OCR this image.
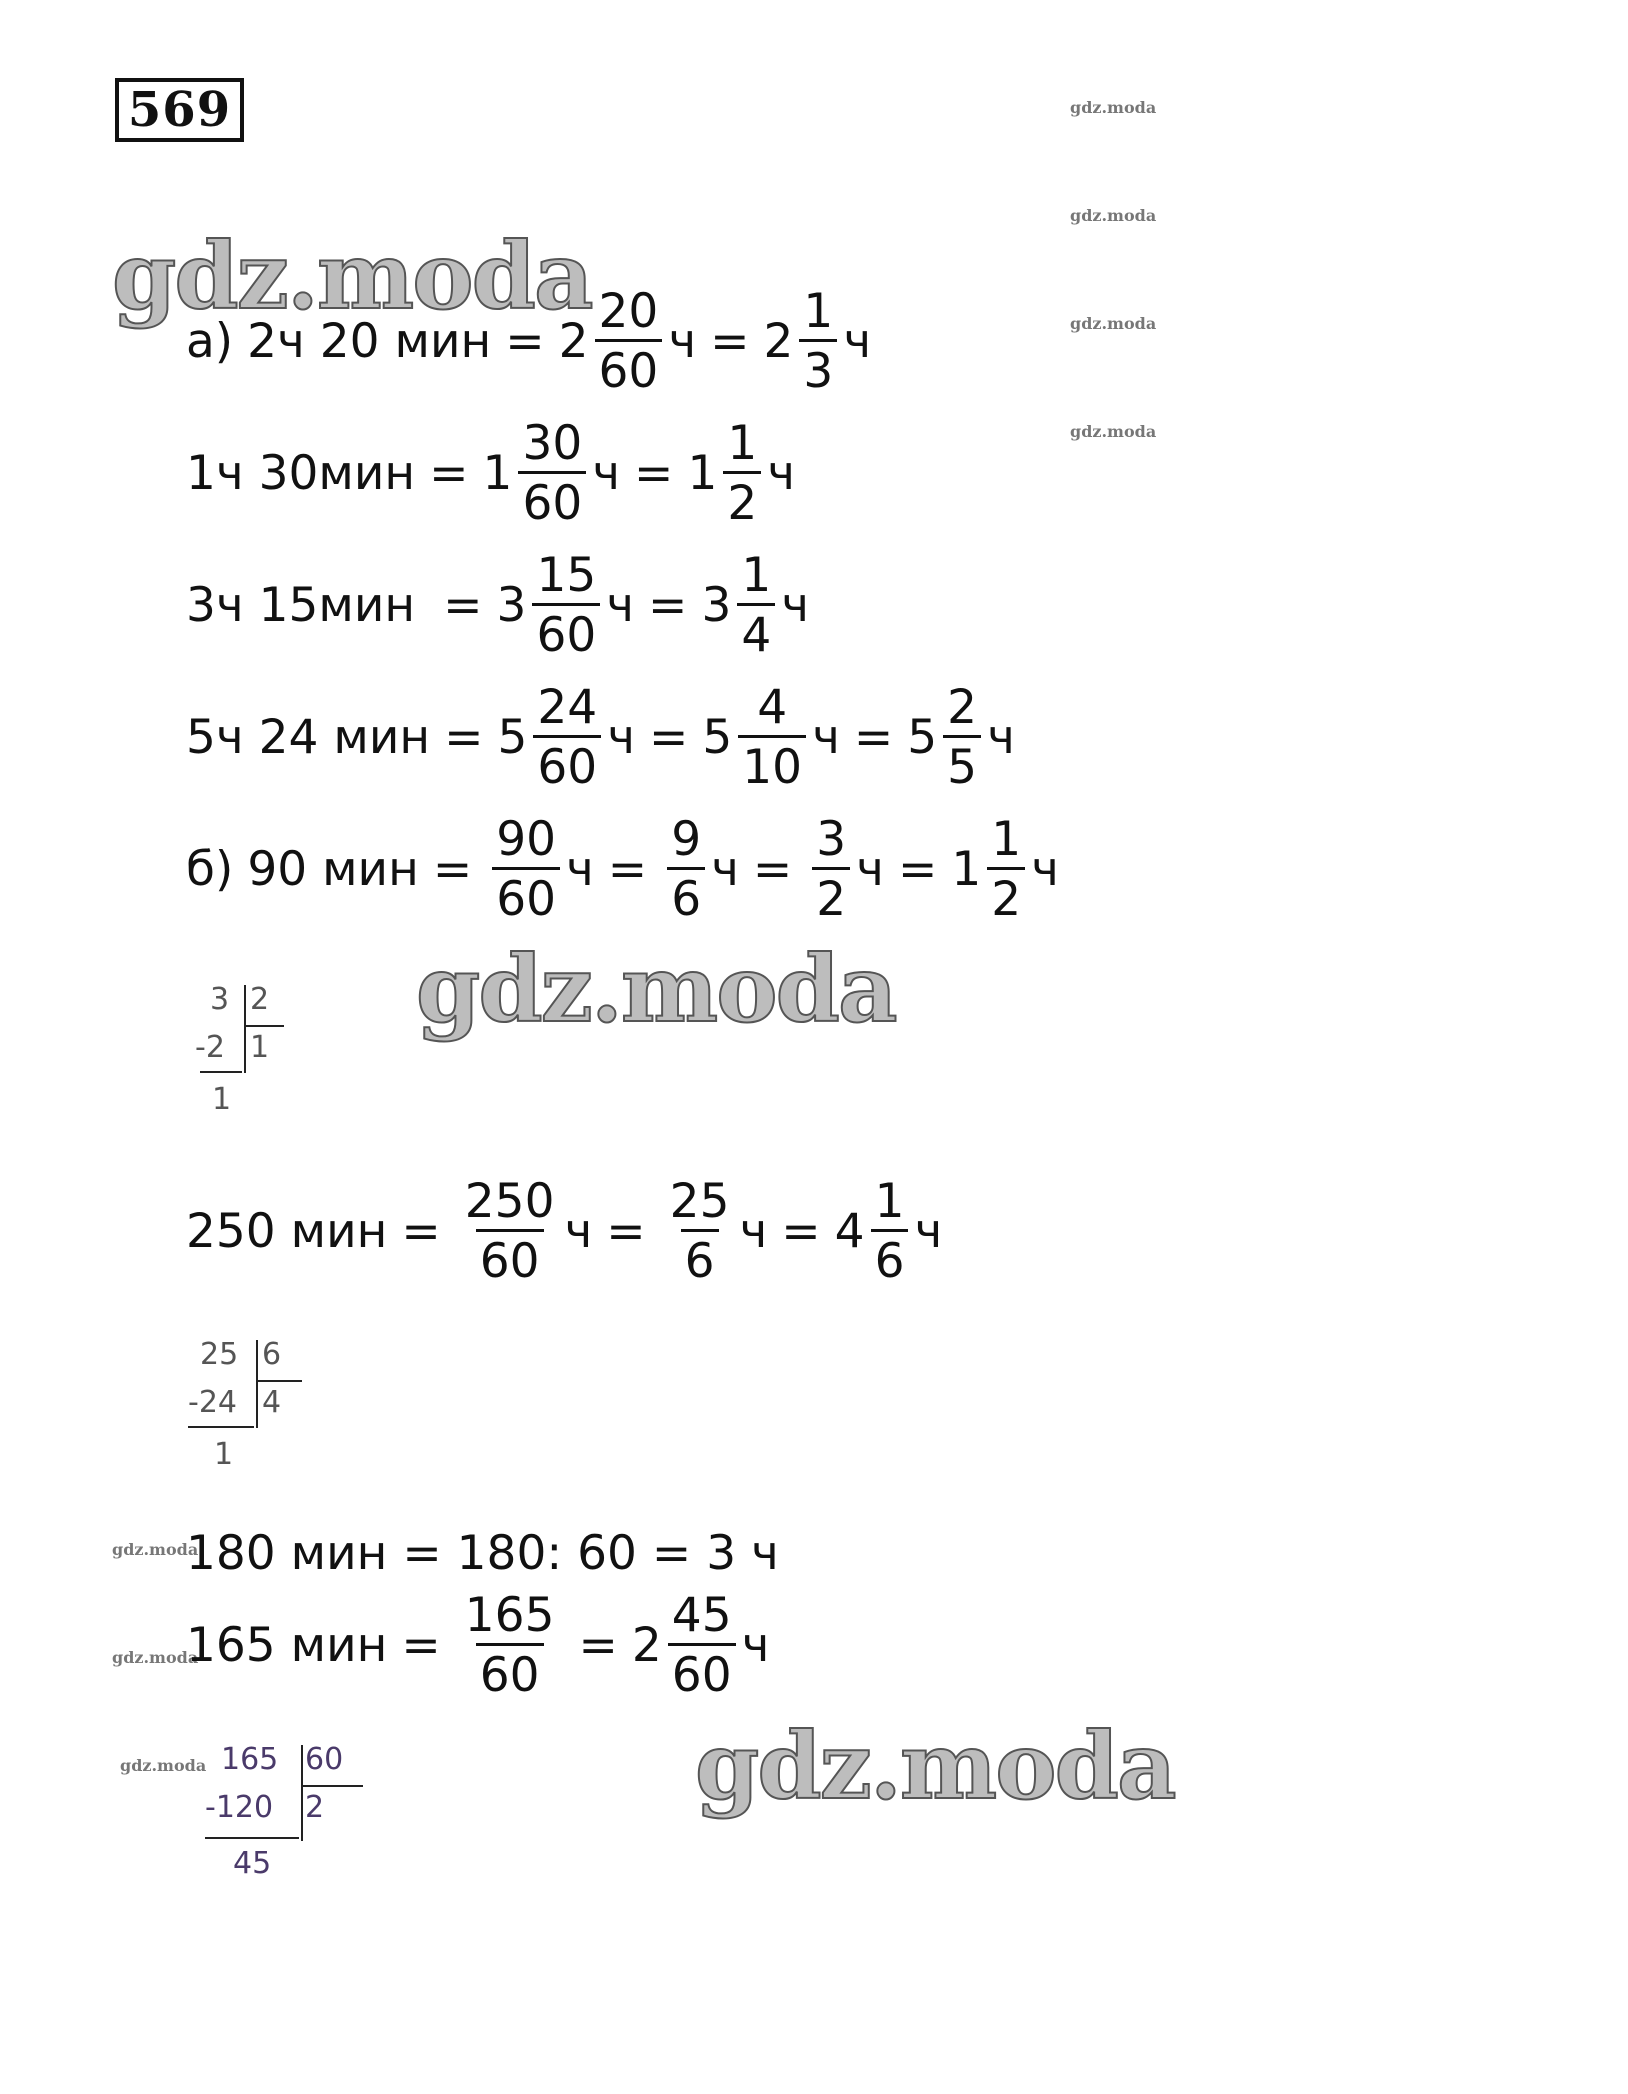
569	gdz.moda
gdz.moda
gdz.moda
gdz.moda
gdz.moda
gdz.moda
gdz.moda
gdz.moda
gdz.moda
gdz.moda
а) 2ч 20 мин = $2 \frac{20}{60}$ $ч = 2 \frac{1}{3}$ ч
1ч $30мин = 1 \frac{30}{60}$ $ч = 1 \frac{1}{2}$ ч
3ч $15мин = 3 \frac{15}{60}$ $ч = 3 \frac{1}{4}$ ч
5ч 24 мин = $5 \frac{24}{60}$ $ч = 5 \frac{4}{10}$ $ч = 5 \frac{2}{5}$ ч
б) 90 мин = $\frac{90}{60}$ $ч = \frac{9}{6}$ $ч = \frac{3}{2}$ $ч = 1 \frac{1}{2}$ ч
3 2
-2 1
1
250 мин = $\frac{250}{60}$ $ч = \frac{25}{6}$ $ч = 4 \frac{1}{6}$ ч
25 6
-24 4
1
180 мин = 180: 60 = 3 ч
165 мин = $\frac{165}{60} = 2 \frac{45}{60}$ ч
165 60
-120 2
45
